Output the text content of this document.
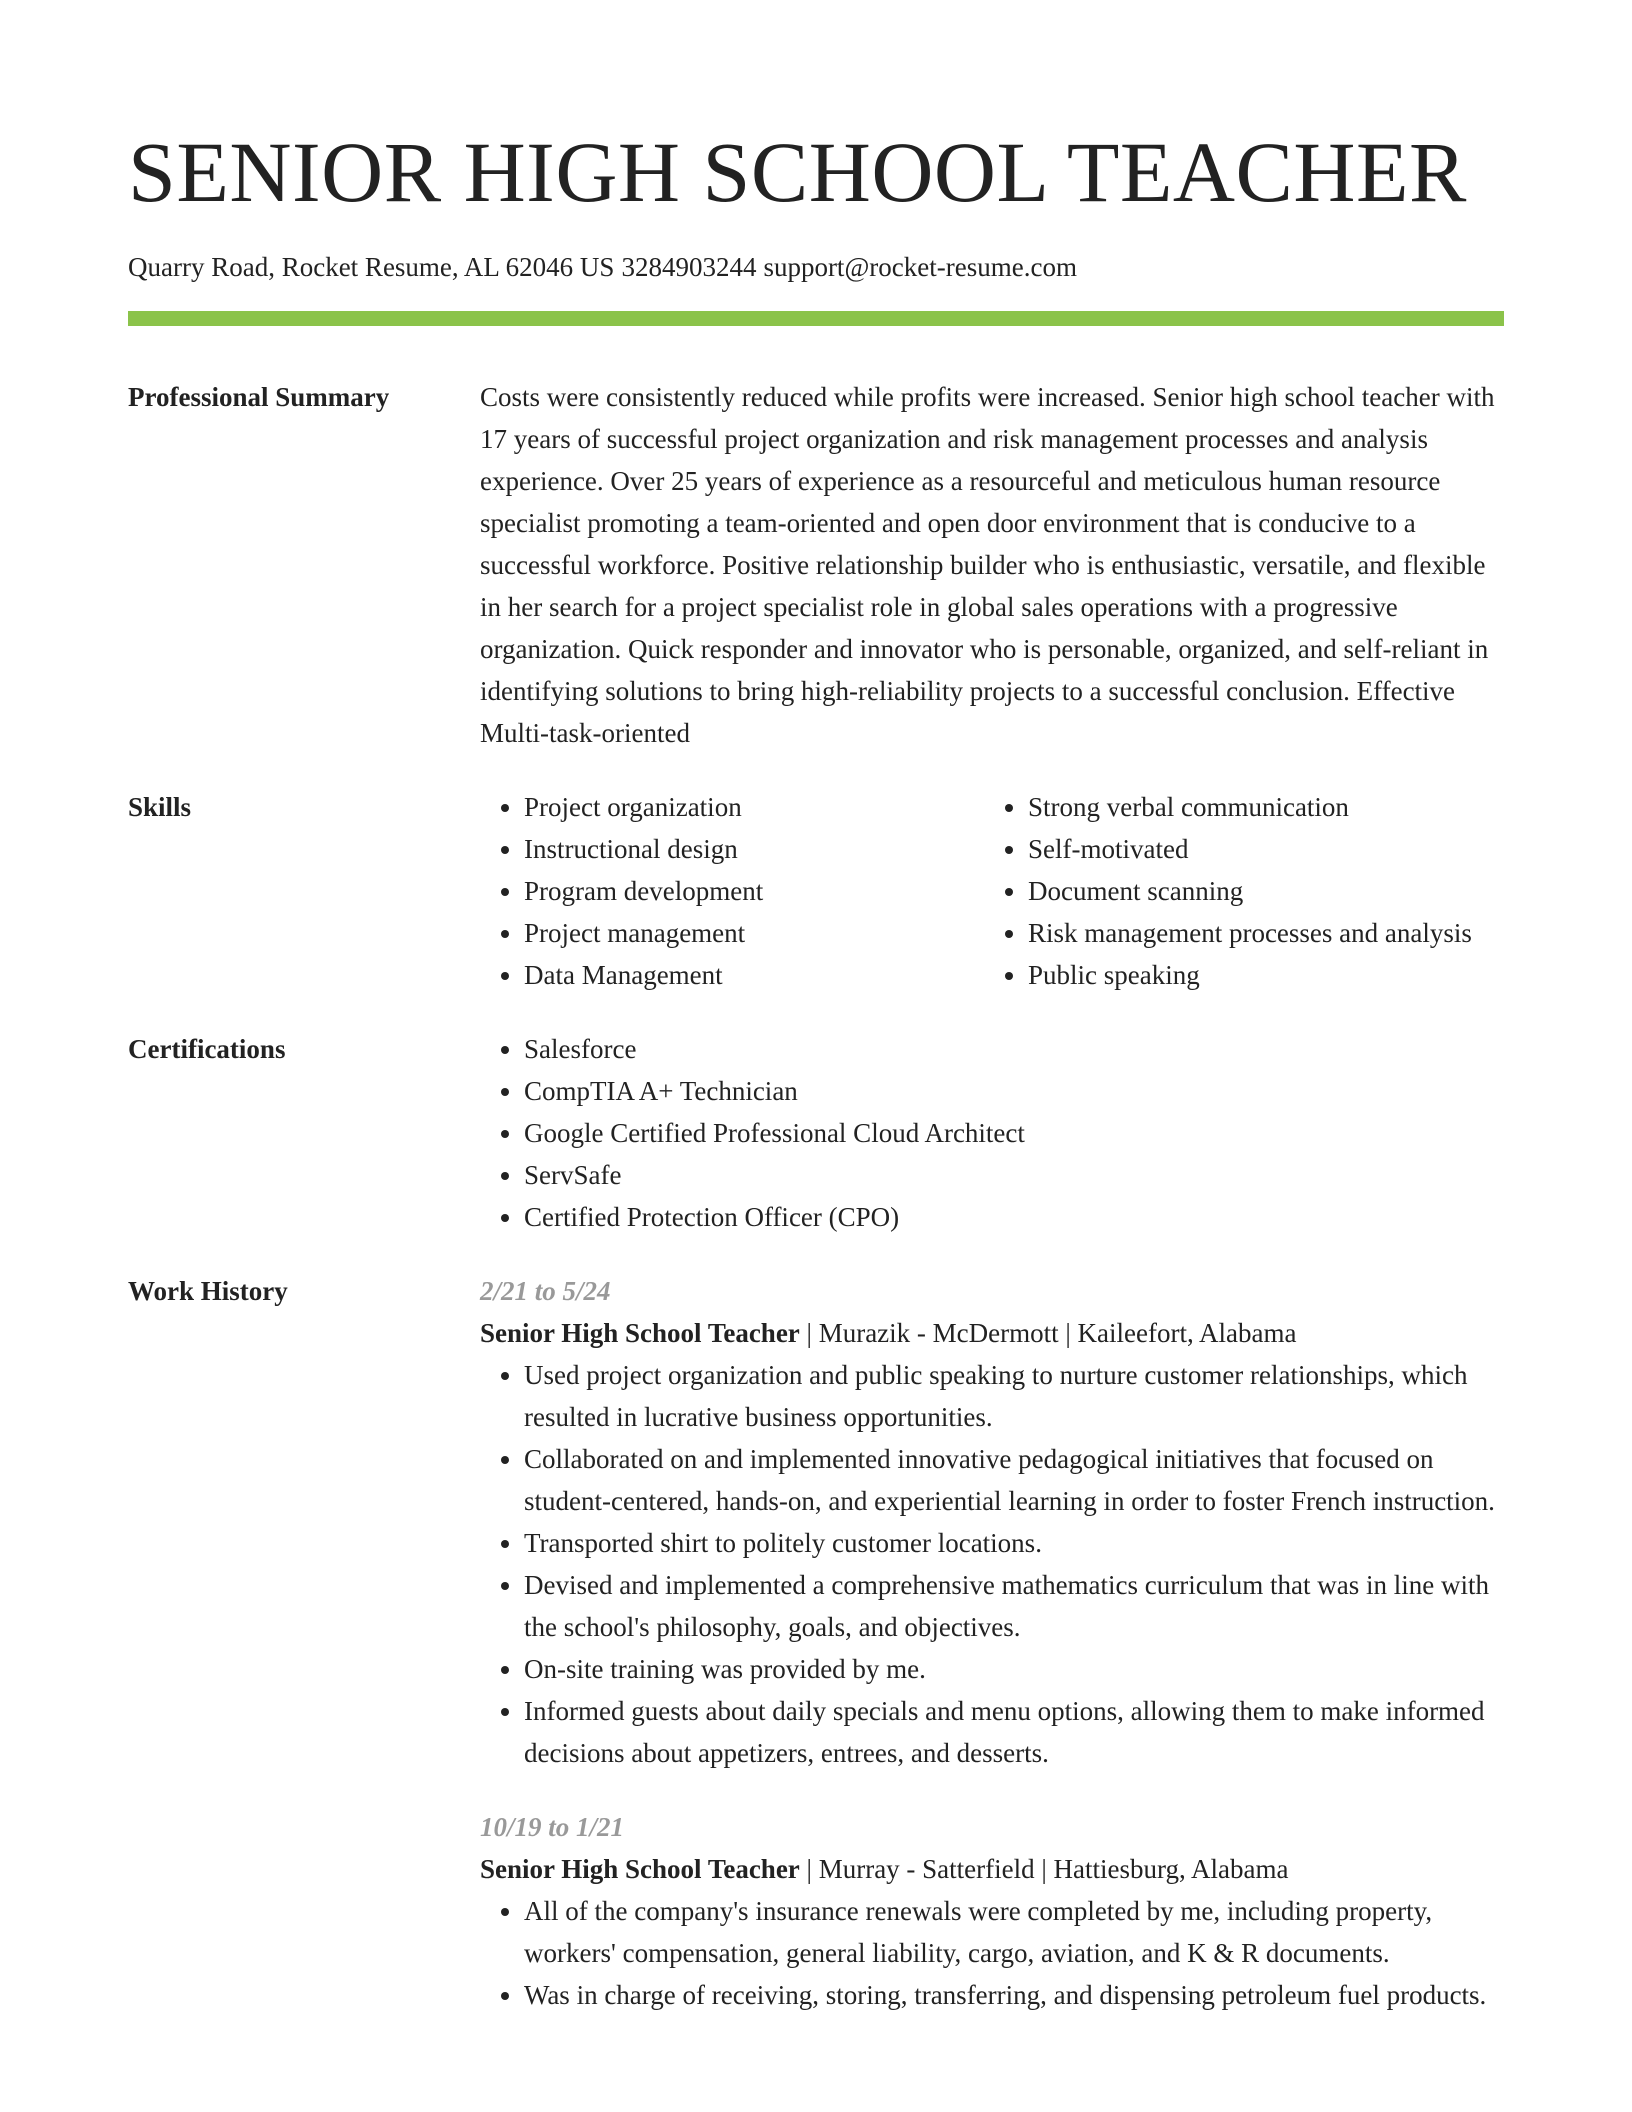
SENIOR HIGH SCHOOL TEACHER
Quarry Road, Rocket Resume, AL 62046 US 3284903244 support@rocket-resume.com
Professional Summary	Costs were consistently reduced while profits were increased. Senior high school teacher with 17 years of successful project organization and risk management processes and analysis experience. Over 25 years of experience as a resourceful and meticulous human resource specialist promoting a team-oriented and open door environment that is conducive to a successful workforce. Positive relationship builder who is enthusiastic, versatile, and flexible in her search for a project specialist role in global sales operations with a progressive organization. Quick responder and innovator who is personable, organized, and self-reliant in identifying solutions to bring high-reliability projects to a successful conclusion. Effective Multi-task-oriented
Skills	• Project organization
• Instructional design
• Program development
• Project management
• Data Management
• Strong verbal communication
• Self-motivated
• Document scanning
• Risk management processes and analysis
• Public speaking
Certifications	• Salesforce
• CompTIA A+ Technician
• Google Certified Professional Cloud Architect
• ServSafe
• Certified Protection Officer (CPO)
Work History	2/21 to 5/24
Senior High School Teacher | Murazik - McDermott | Kaileefort, Alabama
• Used project organization and public speaking to nurture customer relationships, which resulted in lucrative business opportunities.
• Collaborated on and implemented innovative pedagogical initiatives that focused on student-centered, hands-on, and experiential learning in order to foster French instruction.
• Transported shirt to politely customer locations.
• Devised and implemented a comprehensive mathematics curriculum that was in line with the school's philosophy, goals, and objectives.
• On-site training was provided by me.
• Informed guests about daily specials and menu options, allowing them to make informed decisions about appetizers, entrees, and desserts.
10/19 to 1/21
Senior High School Teacher | Murray - Satterfield | Hattiesburg, Alabama
• All of the company's insurance renewals were completed by me, including property, workers' compensation, general liability, cargo, aviation, and K & R documents.
• Was in charge of receiving, storing, transferring, and dispensing petroleum fuel products.
